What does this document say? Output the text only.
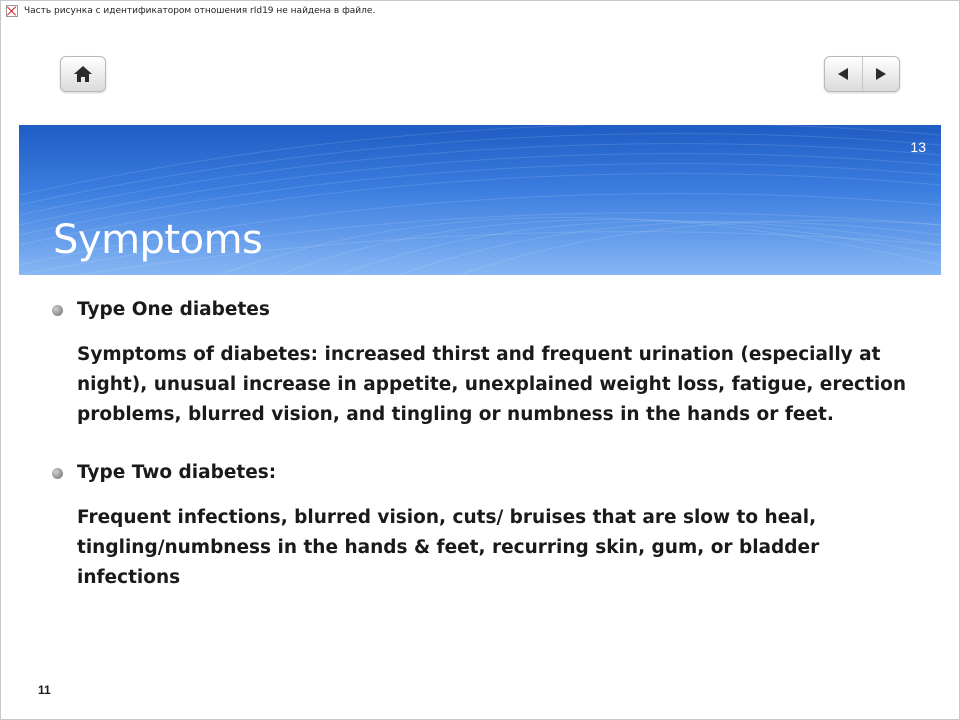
Часть рисунка с идентификатором отношения rId19 не найдена в файле.
13
Symptoms
Type One diabetes
Symptoms of diabetes: increased thirst and frequent urination (especially at night), unusual increase in appetite, unexplained weight loss, fatigue, erection problems, blurred vision, and tingling or numbness in the hands or feet.
Type Two diabetes:
Frequent infections, blurred vision, cuts/ bruises that are slow to heal, tingling/numbness in the hands & feet, recurring skin, gum, or bladder infections
11
